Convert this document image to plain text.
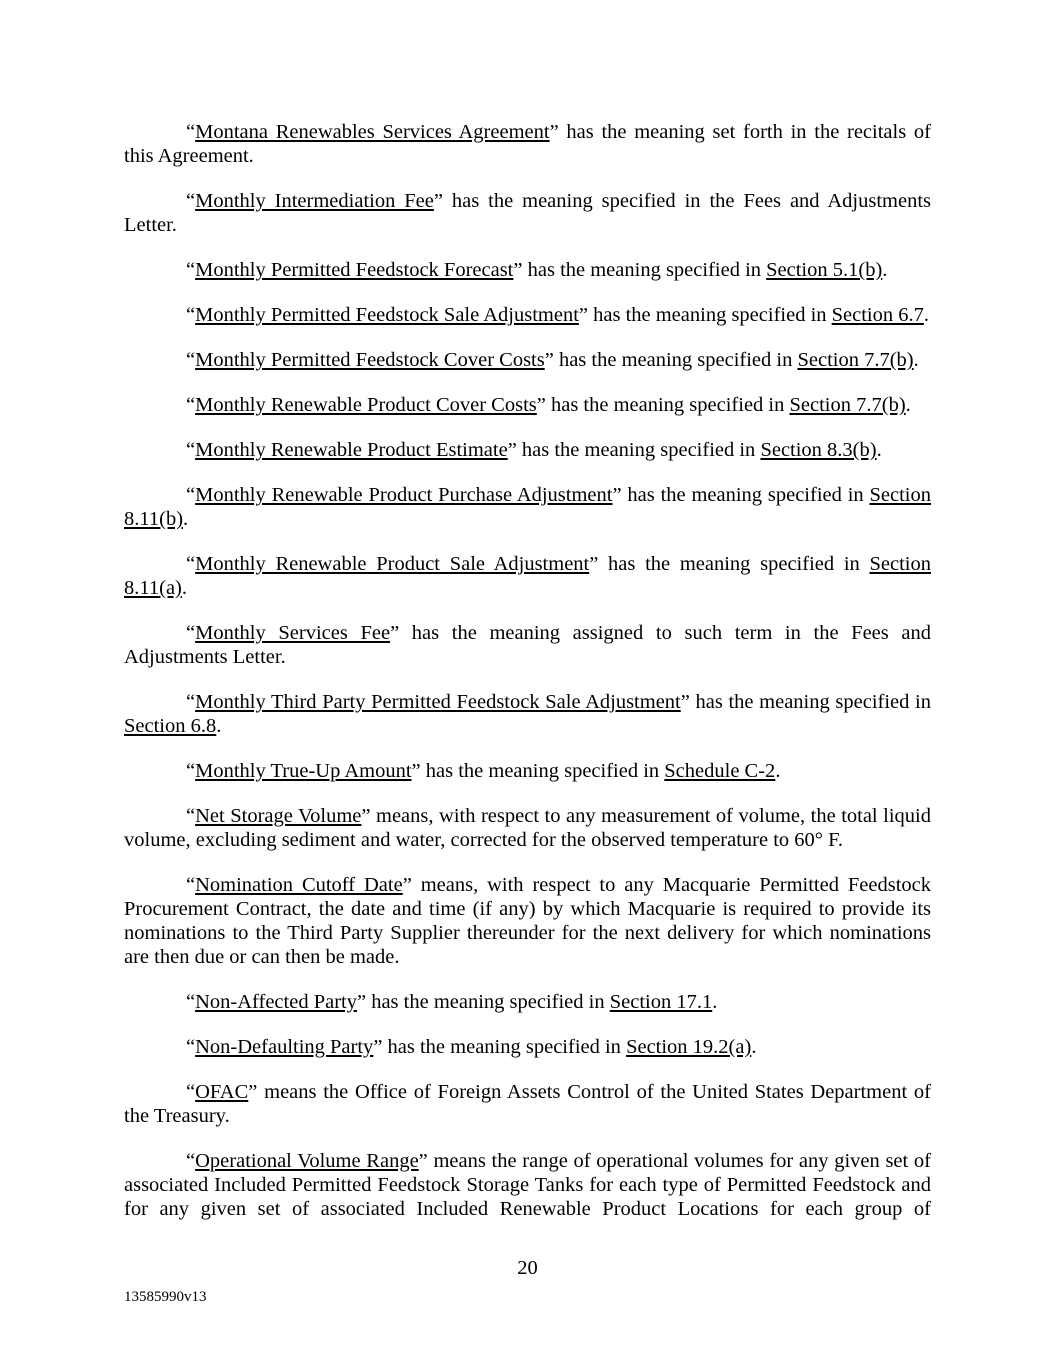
“Montana Renewables Services Agreement” has the meaning set forth in the recitals of this Agreement.

“Monthly Intermediation Fee” has the meaning specified in the Fees and Adjustments Letter.

“Monthly Permitted Feedstock Forecast” has the meaning specified in Section 5.1(b).

“Monthly Permitted Feedstock Sale Adjustment” has the meaning specified in Section 6.7.

“Monthly Permitted Feedstock Cover Costs” has the meaning specified in Section 7.7(b).

“Monthly Renewable Product Cover Costs” has the meaning specified in Section 7.7(b).

“Monthly Renewable Product Estimate” has the meaning specified in Section 8.3(b).

“Monthly Renewable Product Purchase Adjustment” has the meaning specified in Section 8.11(b).

“Monthly Renewable Product Sale Adjustment” has the meaning specified in Section 8.11(a).

“Monthly Services Fee” has the meaning assigned to such term in the Fees and Adjustments Letter.

“Monthly Third Party Permitted Feedstock Sale Adjustment” has the meaning specified in Section 6.8.

“Monthly True-Up Amount” has the meaning specified in Schedule C-2.

“Net Storage Volume” means, with respect to any measurement of volume, the total liquid volume, excluding sediment and water, corrected for the observed temperature to 60° F.

“Nomination Cutoff Date” means, with respect to any Macquarie Permitted Feedstock Procurement Contract, the date and time (if any) by which Macquarie is required to provide its nominations to the Third Party Supplier thereunder for the next delivery for which nominations are then due or can then be made.

“Non-Affected Party” has the meaning specified in Section 17.1.

“Non-Defaulting Party” has the meaning specified in Section 19.2(a).

“OFAC” means the Office of Foreign Assets Control of the United States Department of the Treasury.

“Operational Volume Range” means the range of operational volumes for any given set of associated Included Permitted Feedstock Storage Tanks for each type of Permitted Feedstock and for any given set of associated Included Renewable Product Locations for each group of

20
13585990v13
